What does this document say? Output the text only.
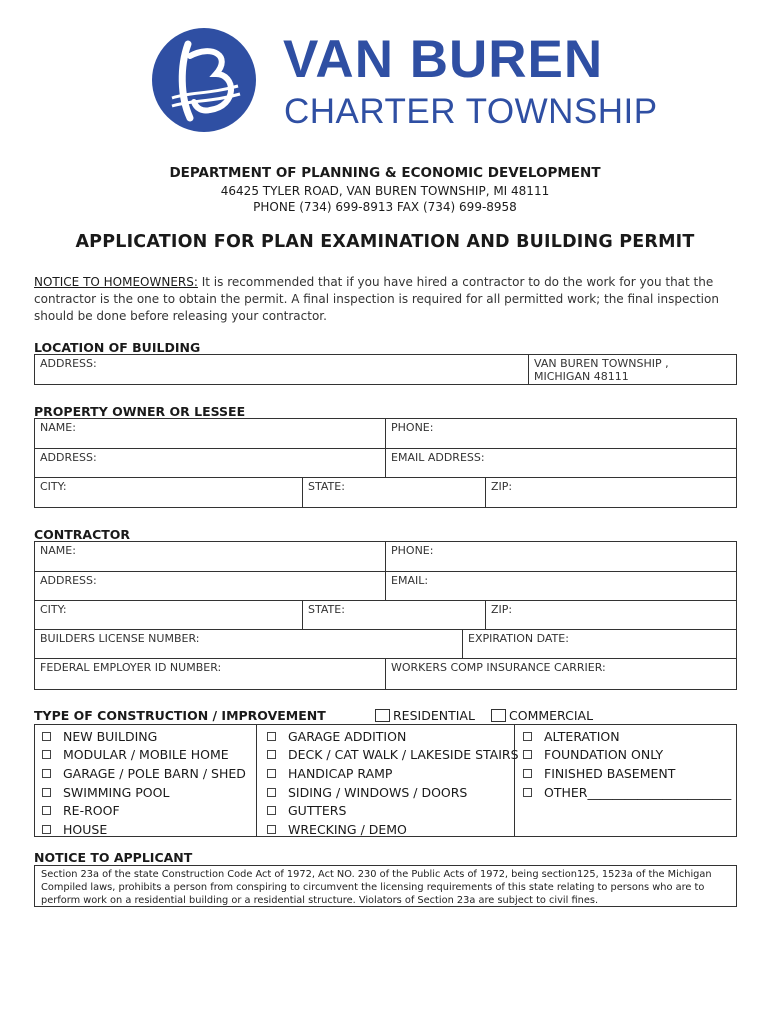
VAN BUREN
CHARTER TOWNSHIP
DEPARTMENT OF PLANNING & ECONOMIC DEVELOPMENT
46425 TYLER ROAD, VAN BUREN TOWNSHIP, MI 48111
PHONE (734) 699-8913 FAX (734) 699-8958
APPLICATION FOR PLAN EXAMINATION AND BUILDING PERMIT
NOTICE TO HOMEOWNERS: It is recommended that if you have hired a contractor to do the work for you that the contractor is the one to obtain the permit. A final inspection is required for all permitted work; the final inspection should be done before releasing your contractor.
LOCATION OF BUILDING
ADDRESS:	VAN BUREN TOWNSHIP ,
MICHIGAN 48111
PROPERTY OWNER OR LESSEE
NAME:	PHONE:
ADDRESS:	EMAIL ADDRESS:
CITY:	STATE:	ZIP:
CONTRACTOR
NAME:	PHONE:
ADDRESS:	EMAIL:
CITY:	STATE:	ZIP:
BUILDERS LICENSE NUMBER:	EXPIRATION DATE:
FEDERAL EMPLOYER ID NUMBER:	WORKERS COMP INSURANCE CARRIER:
TYPE OF CONSTRUCTION / IMPROVEMENT	RESIDENTIAL	COMMERCIAL
NEW BUILDING
MODULAR / MOBILE HOME
GARAGE / POLE BARN / SHED
SWIMMING POOL
RE-ROOF
HOUSE
GARAGE ADDITION
DECK / CAT WALK / LAKESIDE STAIRS
HANDICAP RAMP
SIDING / WINDOWS / DOORS
GUTTERS
WRECKING / DEMO
ALTERATION
FOUNDATION ONLY
FINISHED BASEMENT
OTHER_______________________
NOTICE TO APPLICANT
Section 23a of the state Construction Code Act of 1972, Act NO. 230 of the Public Acts of 1972, being section125, 1523a of the Michigan Compiled laws, prohibits a person from conspiring to circumvent the licensing requirements of this state relating to persons who are to perform work on a residential building or a residential structure. Violators of Section 23a are subject to civil fines.
